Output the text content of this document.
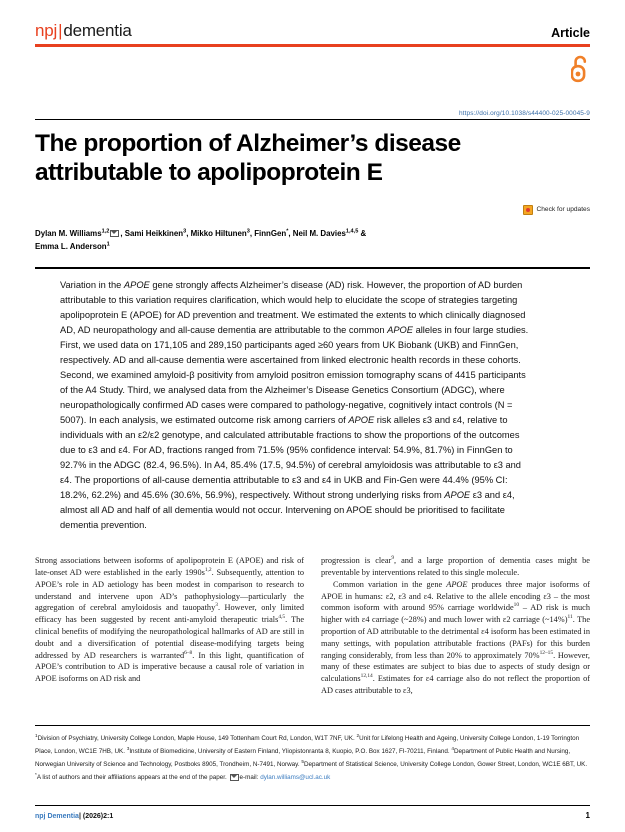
npj|dementia	Article
https://doi.org/10.1038/s44400-025-00045-9
The proportion of Alzheimer’s disease attributable to apolipoprotein E
Check for updates
Dylan M. Williams$^{1,2}$ , Sami Heikkinen$^3$, Mikko Hiltunen$^3$, FinnGen*, Neil M. Davies$^{1,4,5}$ &
Emma L. Anderson$^1$
Variation in the APOE gene strongly affects Alzheimer’s disease (AD) risk. However, the proportion of AD burden attributable to this variation requires clarification, which would help to elucidate the scope of strategies targeting apolipoprotein E (APOE) for AD prevention and treatment. We estimated the extents to which clinically diagnosed AD, AD neuropathology and all-cause dementia are attributable to the common APOE alleles in four large studies. First, we used data on 171,105 and 289,150 participants aged ≥60 years from UK Biobank (UKB) and FinnGen, respectively. AD and all-cause dementia were ascertained from linked electronic health records in these cohorts. Second, we examined amyloid-β positivity from amyloid positron emission tomography scans of 4415 participants of the A4 Study. Third, we analysed data from the Alzheimer’s Disease Genetics Consortium (ADGC), where neuropathologically confirmed AD cases were compared to pathology-negative, cognitively intact controls (N = 5007). In each analysis, we estimated outcome risk among carriers of APOE risk alleles ε3 and ε4, relative to individuals with an ε2/ε2 genotype, and calculated attributable fractions to show the proportions of the outcomes due to ε3 and ε4. For AD, fractions ranged from 71.5% (95% confidence interval: 54.9%, 81.7%) in FinnGen to 92.7% in the ADGC (82.4, 96.5%). In A4, 85.4% (17.5, 94.5%) of cerebral amyloidosis was attributable to ε3 and ε4. The proportions of all-cause dementia attributable to ε3 and ε4 in UKB and Fin-Gen were 44.4% (95% CI: 18.2%, 62.2%) and 45.6% (30.6%, 56.9%), respectively. Without strong underlying risks from APOE ε3 and ε4, almost all AD and half of all dementia would not occur. Intervening on APOE should be prioritised to facilitate dementia prevention.

Strong associations between isoforms of apolipoprotein E (APOE) and risk of late-onset AD were established in the early $1990s^{1,2}$. Subsequently, attention to APOE’s role in AD aetiology has been modest in comparison to research to understand and intervene upon AD’s pathophysiology—particularly the aggregation of cerebral amyloidosis and tauopathy$^3$. However, only limited efficacy has been suggested by recent anti-amyloid therapeutic trials$^{4,5}$. The clinical benefits of modifying the neuropathological hallmarks of AD are still in doubt and a diversification of potential disease-modifying targets being addressed by AD researchers is warranted$^{6-8}$. In this light, quantification of APOE’s contribution to AD is imperative because a causal role of variation in APOE isoforms on AD risk and

progression is clear$^9$, and a large proportion of dementia cases might be preventable by interventions related to this single molecule.

Common variation in the gene APOE produces three major isoforms of APOE in humans: ε2, ε3 and ε4. Relative to the allele encoding ε3 – the most common isoform with around 95% carriage worldwide$^{10}$ – AD risk is much higher with ε4 carriage (~28%) and much lower with ε2 carriage (~14%)$^{11}$. The proportion of AD attributable to the detrimental ε4 isoform has been estimated in many settings, with population attributable fractions (PAFs) for this burden ranging considerably, from less than 20% to approximately 70%$^{12-15}$. However, many of these estimates are subject to bias due to aspects of study design or calculations$^{12,14}$. Estimates for ε4 carriage also do not reflect the proportion of AD cases attributable to ε3,

$^1$Division of Psychiatry, University College London, Maple House, 149 Tottenham Court Rd, London, W1T 7NF, UK. $^2$Unit for Lifelong Health and Ageing, University College London, 1-19 Torrington Place, London, WC1E 7HB, UK. $^3$Institute of Biomedicine, University of Eastern Finland, Yliopistonranta 8, Kuopio, P.O. Box 1627, FI-70211, Finland. $^4$Department of Public Health and Nursing, Norwegian University of Science and Technology, Postboks 8905, Trondheim, N-7491, Norway. $^5$Department of Statistical Science, University College London, Gower Street, London, WC1E 6BT, UK. *A list of authors and their affiliations appears at the end of the paper. e-mail: dylan.williams@ucl.ac.uk
npj Dementia| (2026)2:1	1
